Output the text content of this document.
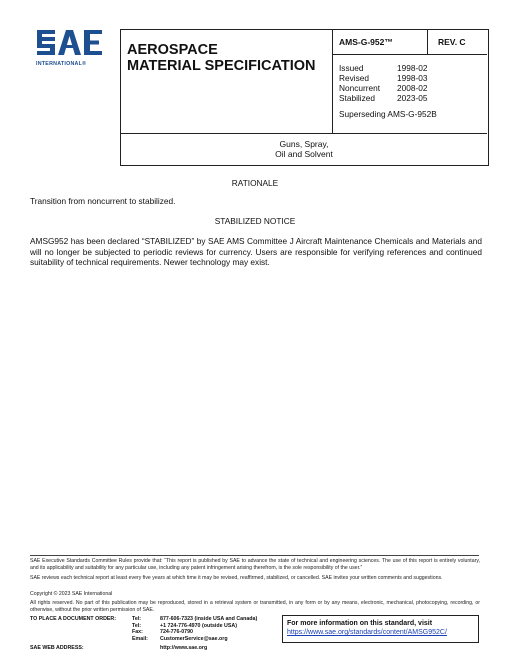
INTERNATIONAL®
AEROSPACE
MATERIAL SPECIFICATION
AMS-G-952™	REV. C
Issued	1998-02
Revised	1998-03
Noncurrent 2008-02
Stabilized	2023-05
Superseding AMS-G-952B
Guns, Spray,
Oil and Solvent
RATIONALE
Transition from noncurrent to stabilized.
STABILIZED NOTICE
AMSG952 has been declared “STABILIZED” by SAE AMS Committee J Aircraft Maintenance Chemicals and Materials and will no longer be subjected to periodic reviews for currency. Users are responsible for verifying references and continued suitability of technical requirements. Newer technology may exist.
SAE Executive Standards Committee Rules provide that: “This report is published by SAE to advance the state of technical and engineering sciences. The use of this report is entirely voluntary, and its applicability and suitability for any particular use, including any patent infringement arising therefrom, is the sole responsibility of the user.”
SAE reviews each technical report at least every five years at which time it may be revised, reaffirmed, stabilized, or cancelled. SAE invites your written comments and suggestions.
Copyright © 2023 SAE International
All rights reserved. No part of this publication may be reproduced, stored in a retrieval system or transmitted, in any form or by any means, electronic, mechanical, photocopying, recording, or otherwise, without the prior written permission of SAE.
TO PLACE A DOCUMENT ORDER:	Tel:	877-606-7323 (inside USA and Canada)
Tel:	+1 724-776-4970 (outside USA)
Fax:	724-776-0790
Email: CustomerService@sae.org
SAE WEB ADDRESS:	http://www.sae.org
For more information on this standard, visit
https://www.sae.org/standards/content/AMSG952C/
